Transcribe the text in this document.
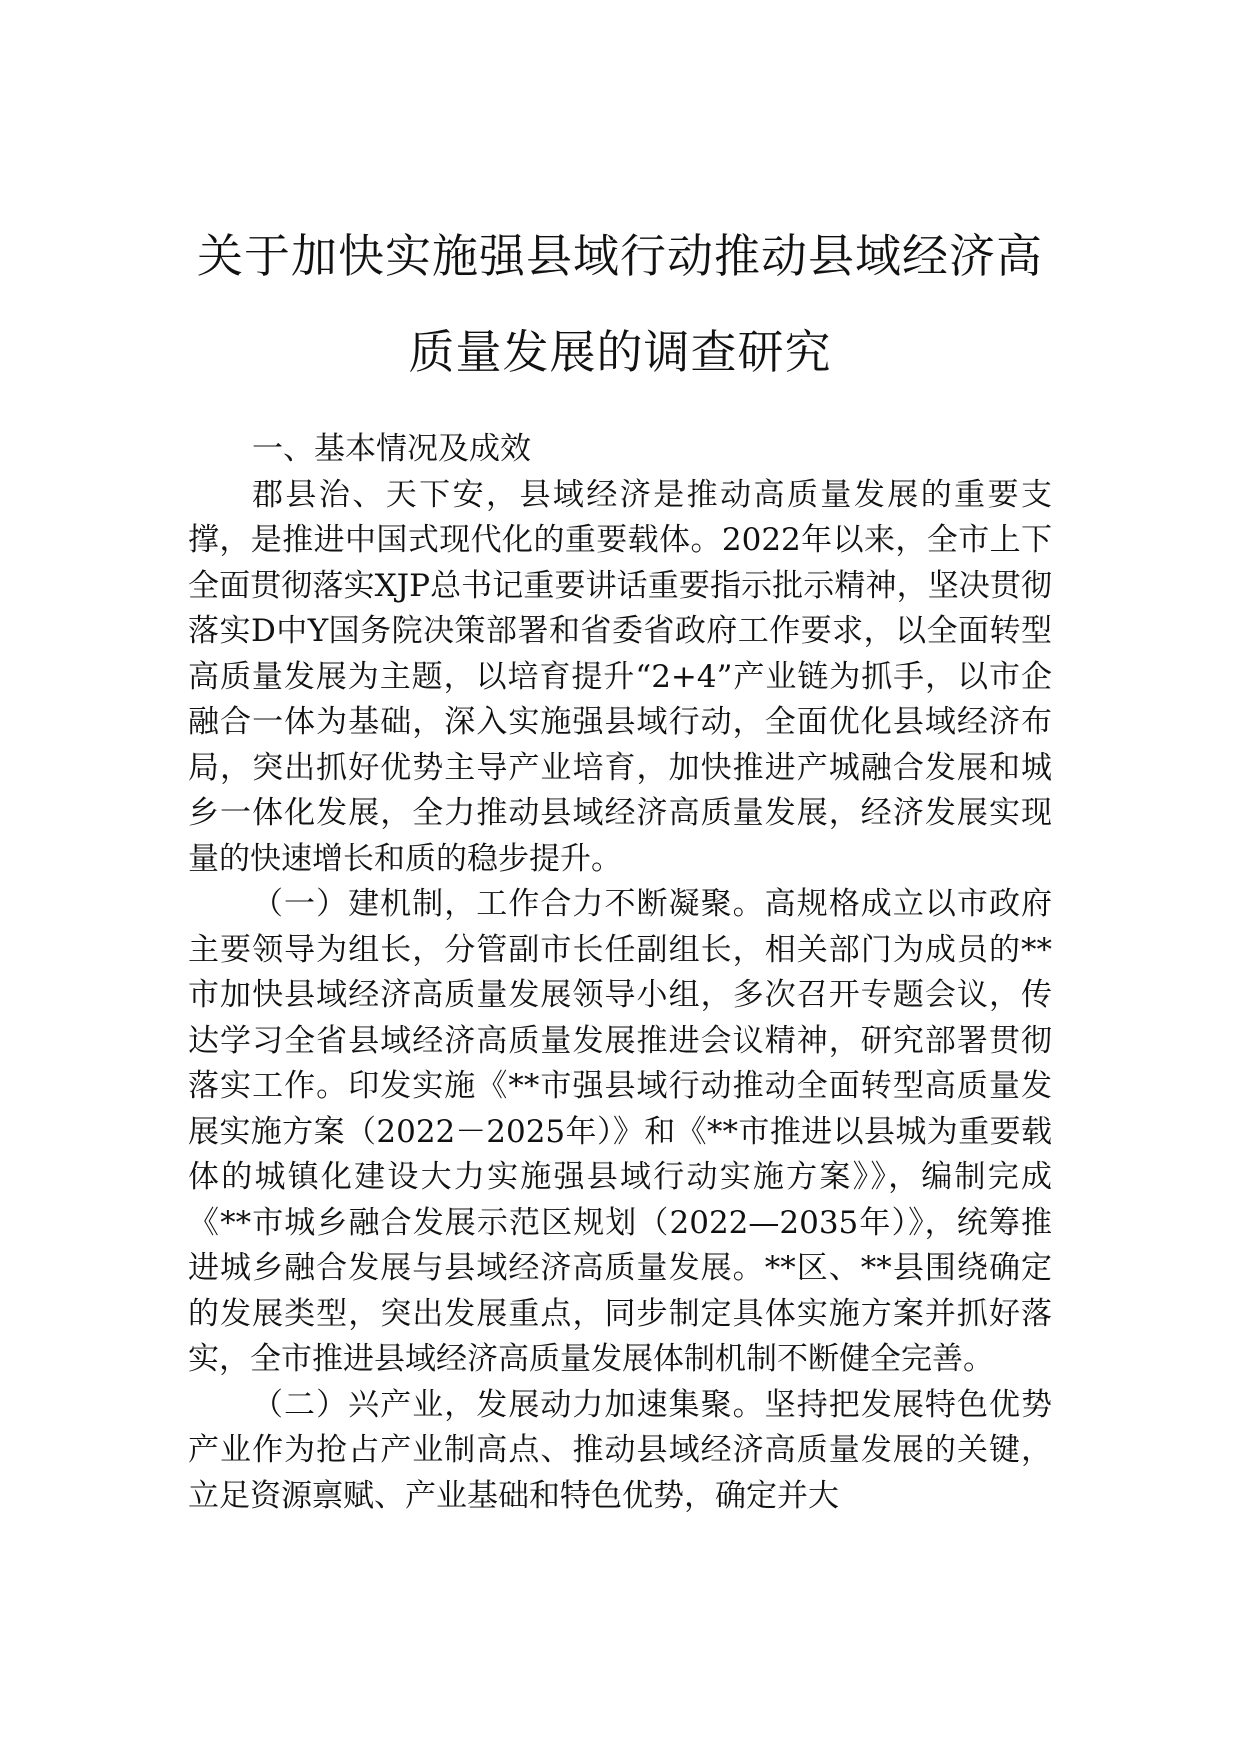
关于加快实施强县域行动推动县域经济高
质量发展的调查研究

一、基本情况及成效

郡县治、天下安，县域经济是推动高质量发展的重要支撑，是推进中国式现代化的重要载体。2022年以来，全市上下全面贯彻落实XJP总书记重要讲话重要指示批示精神，坚决贯彻落实D中Y国务院决策部署和省委省政府工作要求，以全面转型高质量发展为主题，以培育提升“2+4”产业链为抓手，以市企融合一体为基础，深入实施强县域行动，全面优化县域经济布局，突出抓好优势主导产业培育，加快推进产城融合发展和城乡一体化发展，全力推动县域经济高质量发展，经济发展实现量的快速增长和质的稳步提升。

（一）建机制，工作合力不断凝聚。高规格成立以市政府主要领导为组长，分管副市长任副组长，相关部门为成员的**市加快县域经济高质量发展领导小组，多次召开专题会议，传达学习全省县域经济高质量发展推进会议精神，研究部署贯彻落实工作。印发实施《**市强县域行动推动全面转型高质量发展实施方案（2022－2025年）》和《**市推进以县城为重要载体的城镇化建设大力实施强县域行动实施方案》》，编制完成《**市城乡融合发展示范区规划（2022—2035年）》，统筹推进城乡融合发展与县域经济高质量发展。**区、**县围绕确定的发展类型，突出发展重点，同步制定具体实施方案并抓好落实，全市推进县域经济高质量发展体制机制不断健全完善。

（二）兴产业，发展动力加速集聚。坚持把发展特色优势产业作为抢占产业制高点、推动县域经济高质量发展的关键，立足资源禀赋、产业基础和特色优势，确定并大
